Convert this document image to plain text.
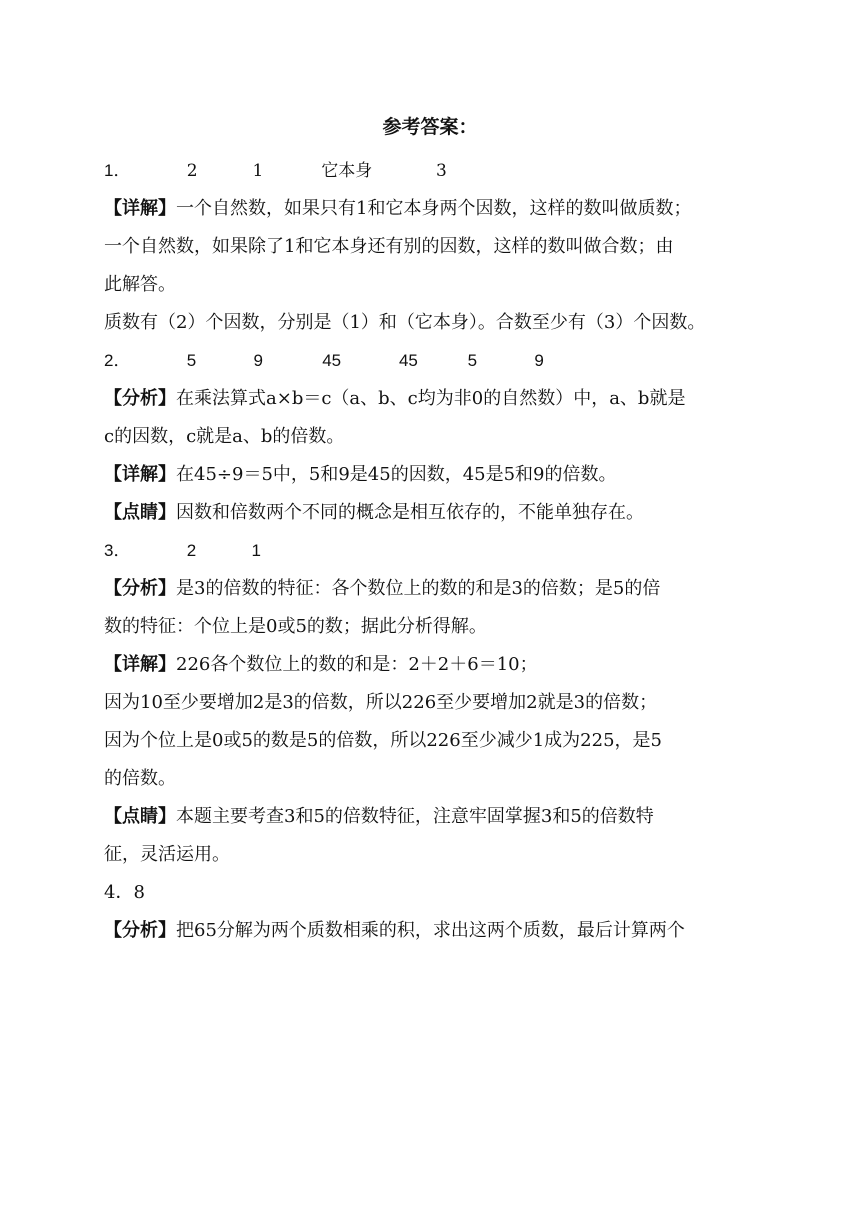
参考答案：
1．	2	1	它本身	3
【详解】一个自然数，如果只有1和它本身两个因数，这样的数叫做质数；
一个自然数，如果除了1和它本身还有别的因数，这样的数叫做合数；由
此解答。
质数有（2）个因数，分别是（1）和（它本身）。合数至少有（3）个因数。
2．	5	9	45	45	5	9
【分析】在乘法算式a×b＝c（a、b、c均为非0的自然数）中，a、b就是
c的因数，c就是a、b的倍数。
【详解】在45÷9＝5中，5和9是45的因数，45是5和9的倍数。
【点睛】因数和倍数两个不同的概念是相互依存的，不能单独存在。
3．	2	1
【分析】是3的倍数的特征：各个数位上的数的和是3的倍数；是5的倍
数的特征：个位上是0或5的数；据此分析得解。
【详解】226各个数位上的数的和是：2＋2＋6＝10；
因为10至少要增加2是3的倍数，所以226至少要增加2就是3的倍数；
因为个位上是0或5的数是5的倍数，所以226至少减少1成为225，是5
的倍数。
【点睛】本题主要考查3和5的倍数特征，注意牢固掌握3和5的倍数特
征，灵活运用。
4．8
【分析】把65分解为两个质数相乘的积，求出这两个质数，最后计算两个
